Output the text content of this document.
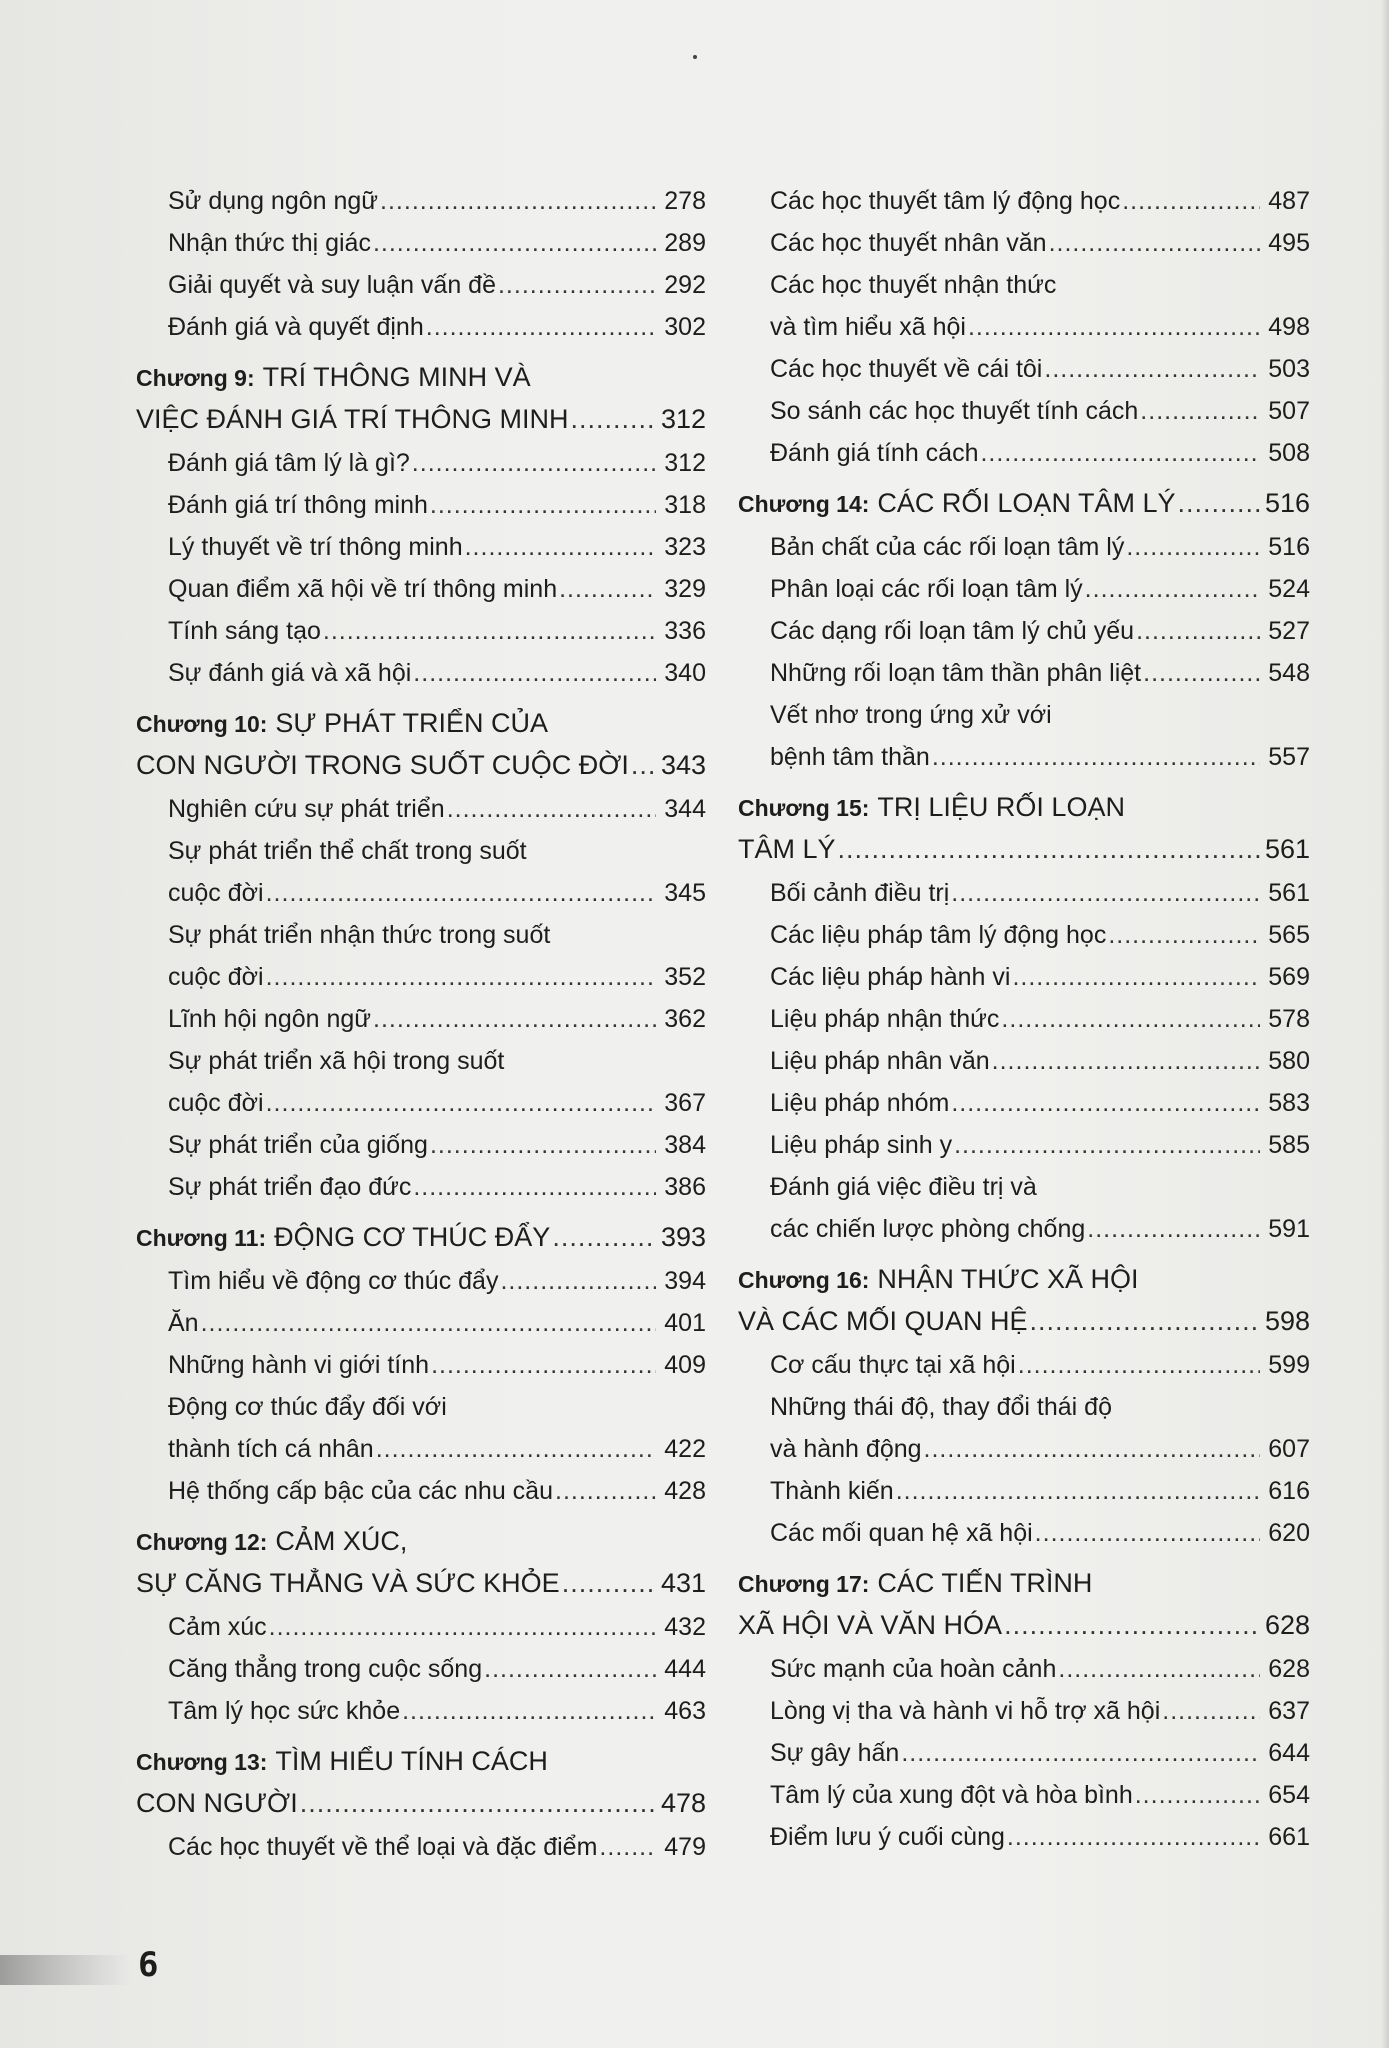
Sử dụng ngôn ngữ .....	278
Nhận thức thị giác .....	289
Giải quyết và suy luận vấn đề .....	292
Đánh giá và quyết định .....	302
Chương 9: TRÍ THÔNG MINH VÀ
VIỆC ĐÁNH GIÁ TRÍ THÔNG MINH .....	312
Đánh giá tâm lý là gì? .....	312
Đánh giá trí thông minh .....	318
Lý thuyết về trí thông minh .....	323
Quan điểm xã hội về trí thông minh .....	329
Tính sáng tạo .....	336
Sự đánh giá và xã hội .....	340
Chương 10: SỰ PHÁT TRIỂN CỦA
CON NGƯỜI TRONG SUỐT CUỘC ĐỜI ..... 343
Nghiên cứu sự phát triển .....	344
Sự phát triển thể chất trong suốt
cuộc đời .....	345
Sự phát triển nhận thức trong suốt
cuộc đời .....	352
Lĩnh hội ngôn ngữ .....	362
Sự phát triển xã hội trong suốt
cuộc đời .....	367
Sự phát triển của giống .....	384
Sự phát triển đạo đức .....	386
Chương 11: ĐỘNG CƠ THÚC ĐẨY .....	393
Tìm hiểu về động cơ thúc đẩy .....	394
Ăn .....	401
Những hành vi giới tính .....	409
Động cơ thúc đẩy đối với
thành tích cá nhân .....	422
Hệ thống cấp bậc của các nhu cầu .....	428
Chương 12: CẢM XÚC,
SỰ CĂNG THẲNG VÀ SỨC KHỎE .....	431
Cảm xúc .....	432
Căng thẳng trong cuộc sống .....	444
Tâm lý học sức khỏe .....	463
Chương 13: TÌM HIỂU TÍNH CÁCH
CON NGƯỜI .....	478
Các học thuyết về thể loại và đặc điểm .....	479
Các học thuyết tâm lý động học .....	487
Các học thuyết nhân văn .....	495
Các học thuyết nhận thức
và tìm hiểu xã hội .....	498
Các học thuyết về cái tôi .....	503
So sánh các học thuyết tính cách .....	507
Đánh giá tính cách .....	508
Chương 14: CÁC RỐI LOẠN TÂM LÝ .....	516
Bản chất của các rối loạn tâm lý .....	516
Phân loại các rối loạn tâm lý .....	524
Các dạng rối loạn tâm lý chủ yếu .....	527
Những rối loạn tâm thần phân liệt .....	548
Vết nhơ trong ứng xử với
bệnh tâm thần .....	557
Chương 15: TRỊ LIỆU RỐI LOẠN
TÂM LÝ .....	561
Bối cảnh điều trị .....	561
Các liệu pháp tâm lý động học .....	565
Các liệu pháp hành vi .....	569
Liệu pháp nhận thức .....	578
Liệu pháp nhân văn .....	580
Liệu pháp nhóm .....	583
Liệu pháp sinh y .....	585
Đánh giá việc điều trị và
các chiến lược phòng chống .....	591
Chương 16: NHẬN THỨC XÃ HỘI
VÀ CÁC MỐI QUAN HỆ .....	598
Cơ cấu thực tại xã hội .....	599
Những thái độ, thay đổi thái độ
và hành động .....	607
Thành kiến .....	616
Các mối quan hệ xã hội .....	620
Chương 17: CÁC TIẾN TRÌNH
XÃ HỘI VÀ VĂN HÓA .....	628
Sức mạnh của hoàn cảnh .....	628
Lòng vị tha và hành vi hỗ trợ xã hội .....	637
Sự gây hấn .....	644
Tâm lý của xung đột và hòa bình .....	654
Điểm lưu ý cuối cùng .....	661
6
